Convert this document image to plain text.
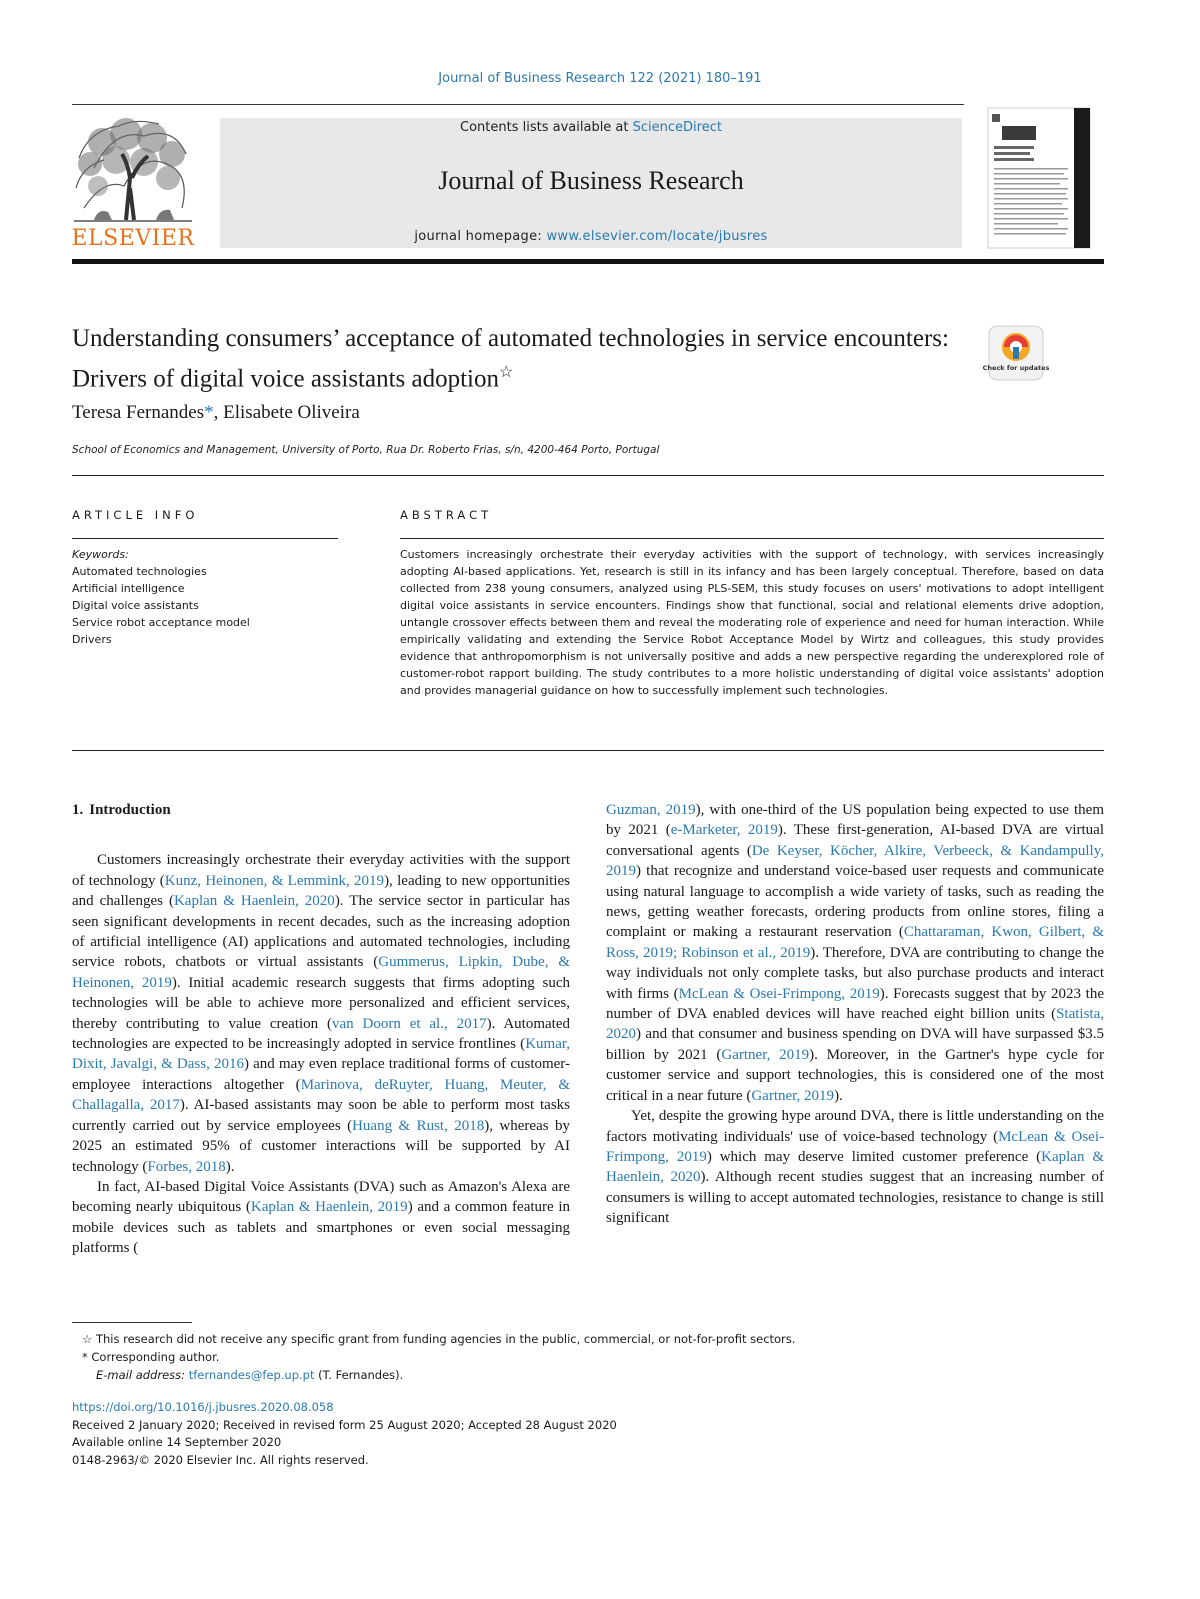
Journal of Business Research 122 (2021) 180–191
ELSEVIER
Contents lists available at ScienceDirect
Journal of Business Research
journal homepage: www.elsevier.com/locate/jbusres
Understanding consumers’ acceptance of automated technologies in service encounters: Drivers of digital voice assistants adoption☆	Check for updates
Teresa Fernandes*, Elisabete Oliveira
School of Economics and Management, University of Porto, Rua Dr. Roberto Frias, s/n, 4200-464 Porto, Portugal
ARTICLE INFO	ABSTRACT
Keywords:
Automated technologies
Artificial intelligence
Digital voice assistants
Service robot acceptance model
Drivers
Customers increasingly orchestrate their everyday activities with the support of technology, with services increasingly adopting AI-based applications. Yet, research is still in its infancy and has been largely conceptual. Therefore, based on data collected from 238 young consumers, analyzed using PLS-SEM, this study focuses on users' motivations to adopt intelligent digital voice assistants in service encounters. Findings show that functional, social and relational elements drive adoption, untangle crossover effects between them and reveal the moderating role of experience and need for human interaction. While empirically validating and extending the Service Robot Acceptance Model by Wirtz and colleagues, this study provides evidence that anthropomorphism is not universally positive and adds a new perspective regarding the underexplored role of customer-robot rapport building. The study contributes to a more holistic understanding of digital voice assistants' adoption and provides managerial guidance on how to successfully implement such technologies.
1. Introduction

Customers increasingly orchestrate their everyday activities with the support of technology (Kunz, Heinonen, & Lemmink, 2019), leading to new opportunities and challenges (Kaplan & Haenlein, 2020). The service sector in particular has seen significant developments in recent decades, such as the increasing adoption of artificial intelligence (AI) applications and automated technologies, including service robots, chatbots or virtual assistants (Gummerus, Lipkin, Dube, & Heinonen, 2019). Initial academic research suggests that firms adopting such technologies will be able to achieve more personalized and efficient services, thereby contributing to value creation (van Doorn et al., 2017). Automated technologies are expected to be increasingly adopted in service frontlines (Kumar, Dixit, Javalgi, & Dass, 2016) and may even replace traditional forms of customer-employee interactions altogether (Marinova, deRuyter, Huang, Meuter, & Challagalla, 2017). AI-based assistants may soon be able to perform most tasks currently carried out by service employees (Huang & Rust, 2018), whereas by 2025 an estimated 95% of customer interactions will be supported by AI technology (Forbes, 2018).

In fact, AI-based Digital Voice Assistants (DVA) such as Amazon's Alexa are becoming nearly ubiquitous (Kaplan & Haenlein, 2019) and a common feature in mobile devices such as tablets and smartphones or even social messaging platforms (

Guzman, 2019), with one-third of the US population being expected to use them by 2021 (e-Marketer, 2019). These first-generation, AI-based DVA are virtual conversational agents (De Keyser, Köcher, Alkire, Verbeeck, & Kandampully, 2019) that recognize and understand voice-based user requests and communicate using natural language to accomplish a wide variety of tasks, such as reading the news, getting weather forecasts, ordering products from online stores, filing a complaint or making a restaurant reservation (Chattaraman, Kwon, Gilbert, & Ross, 2019; Robinson et al., 2019). Therefore, DVA are contributing to change the way individuals not only complete tasks, but also purchase products and interact with firms (McLean & Osei-Frimpong, 2019). Forecasts suggest that by 2023 the number of DVA enabled devices will have reached eight billion units (Statista, 2020) and that consumer and business spending on DVA will have surpassed $3.5 billion by 2021 (Gartner, 2019). Moreover, in the Gartner's hype cycle for customer service and support technologies, this is considered one of the most critical in a near future (Gartner, 2019).

Yet, despite the growing hype around DVA, there is little understanding on the factors motivating individuals' use of voice-based technology (McLean & Osei-Frimpong, 2019) which may deserve limited customer preference (Kaplan & Haenlein, 2020). Although recent studies suggest that an increasing number of consumers is willing to accept automated technologies, resistance to change is still significant

☆ This research did not receive any specific grant from funding agencies in the public, commercial, or not-for-profit sectors.
* Corresponding author.
E-mail address: tfernandes@fep.up.pt (T. Fernandes).
https://doi.org/10.1016/j.jbusres.2020.08.058
Received 2 January 2020; Received in revised form 25 August 2020; Accepted 28 August 2020
Available online 14 September 2020
0148-2963/© 2020 Elsevier Inc. All rights reserved.
